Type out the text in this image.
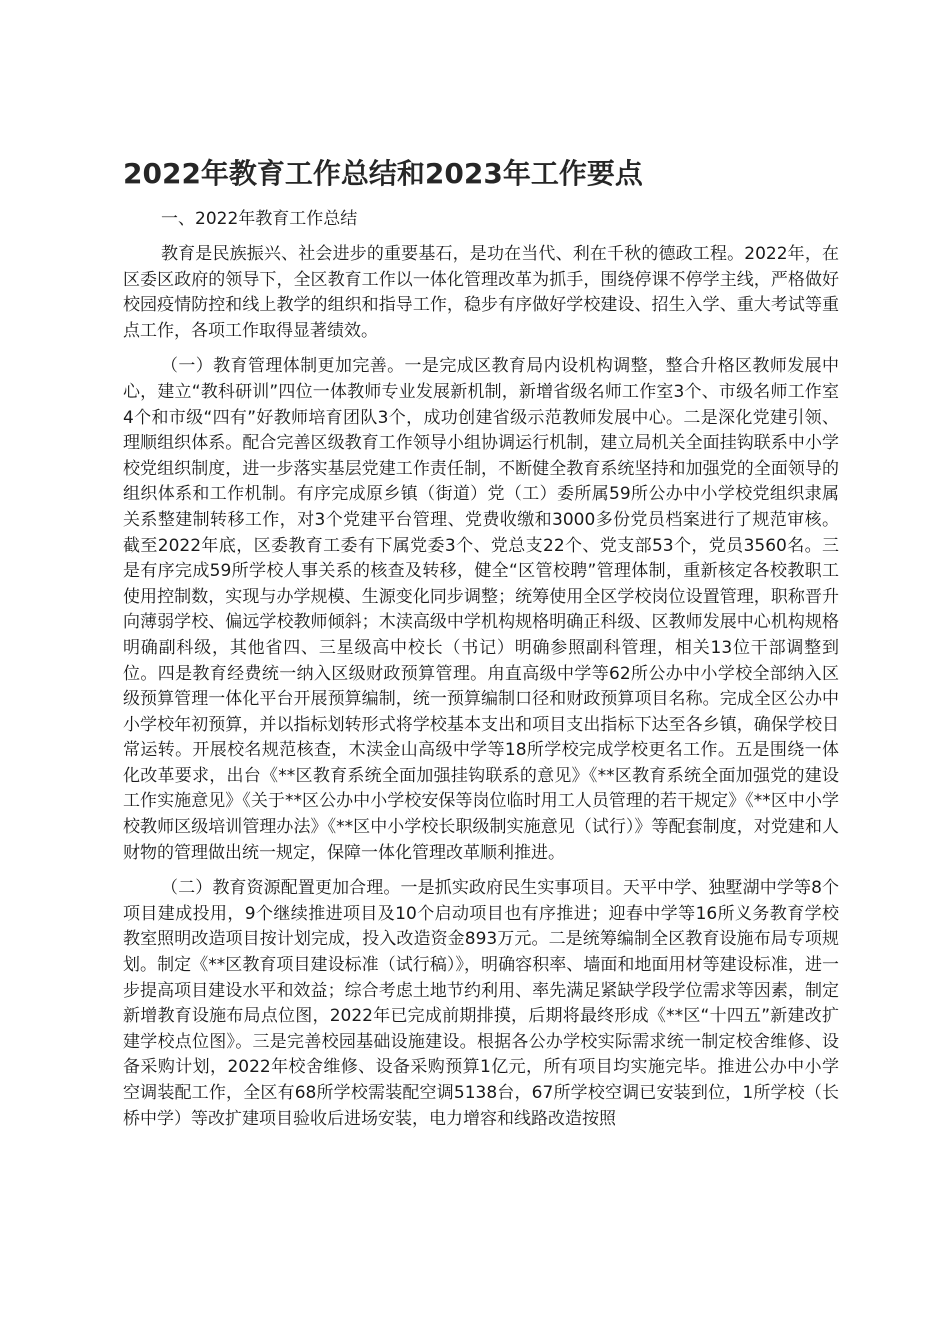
2022年教育工作总结和2023年工作要点
一、2022年教育工作总结

教育是民族振兴、社会进步的重要基石，是功在当代、利在千秋的德政工程。2022年，在区委区政府的领导下，全区教育工作以一体化管理改革为抓手，围绕停课不停学主线，严格做好校园疫情防控和线上教学的组织和指导工作，稳步有序做好学校建设、招生入学、重大考试等重点工作，各项工作取得显著绩效。

（一）教育管理体制更加完善。一是完成区教育局内设机构调整，整合升格区教师发展中心，建立“教科研训”四位一体教师专业发展新机制，新增省级名师工作室3个、市级名师工作室4个和市级“四有”好教师培育团队3个，成功创建省级示范教师发展中心。二是深化党建引领、理顺组织体系。配合完善区级教育工作领导小组协调运行机制，建立局机关全面挂钩联系中小学校党组织制度，进一步落实基层党建工作责任制，不断健全教育系统坚持和加强党的全面领导的组织体系和工作机制。有序完成原乡镇（街道）党（工）委所属59所公办中小学校党组织隶属关系整建制转移工作，对3个党建平台管理、党费收缴和3000多份党员档案进行了规范审核。截至2022年底，区委教育工委有下属党委3个、党总支22个、党支部53个，党员3560名。三是有序完成59所学校人事关系的核查及转移，健全“区管校聘”管理体制，重新核定各校教职工使用控制数，实现与办学规模、生源变化同步调整；统筹使用全区学校岗位设置管理，职称晋升向薄弱学校、偏远学校教师倾斜；木渎高级中学机构规格明确正科级、区教师发展中心机构规格明确副科级，其他省四、三星级高中校长（书记）明确参照副科管理，相关13位干部调整到位。四是教育经费统一纳入区级财政预算管理。甪直高级中学等62所公办中小学校全部纳入区级预算管理一体化平台开展预算编制，统一预算编制口径和财政预算项目名称。完成全区公办中小学校年初预算，并以指标划转形式将学校基本支出和项目支出指标下达至各乡镇，确保学校日常运转。开展校名规范核查，木渎金山高级中学等18所学校完成学校更名工作。五是围绕一体化改革要求，出台《**区教育系统全面加强挂钩联系的意见》《**区教育系统全面加强党的建设工作实施意见》《关于**区公办中小学校安保等岗位临时用工人员管理的若干规定》《**区中小学校教师区级培训管理办法》《**区中小学校长职级制实施意见（试行）》等配套制度，对党建和人财物的管理做出统一规定，保障一体化管理改革顺利推进。

（二）教育资源配置更加合理。一是抓实政府民生实事项目。天平中学、独墅湖中学等8个项目建成投用，9个继续推进项目及10个启动项目也有序推进；迎春中学等16所义务教育学校教室照明改造项目按计划完成，投入改造资金893万元。二是统筹编制全区教育设施布局专项规划。制定《**区教育项目建设标准（试行稿）》，明确容积率、墙面和地面用材等建设标准，进一步提高项目建设水平和效益；综合考虑土地节约利用、率先满足紧缺学段学位需求等因素，制定新增教育设施布局点位图，2022年已完成前期排摸，后期将最终形成《**区“十四五”新建改扩建学校点位图》。三是完善校园基础设施建设。根据各公办学校实际需求统一制定校舍维修、设备采购计划，2022年校舍维修、设备采购预算1亿元，所有项目均实施完毕。推进公办中小学空调装配工作，全区有68所学校需装配空调5138台，67所学校空调已安装到位，1所学校（长桥中学）等改扩建项目验收后进场安装，电力增容和线路改造按照
